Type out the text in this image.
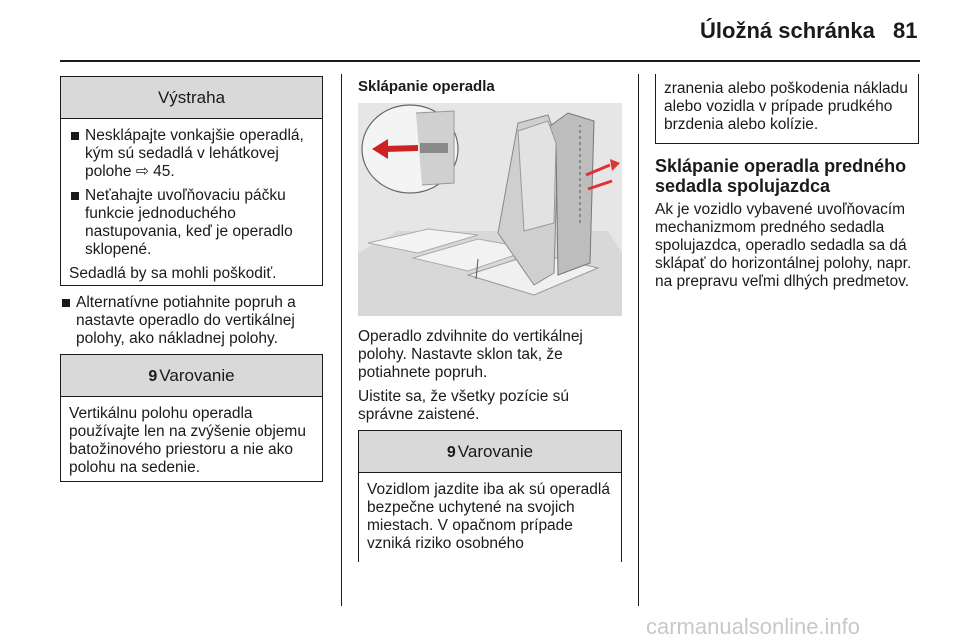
Úložná schránka 81
Výstraha
Nesklápajte vonkajšie operadlá, kým sú sedadlá v lehátkovej polohe ⇨ 45.
Neťahajte uvoľňovaciu páčku funkcie jednoduchého nastupovania, keď je operadlo sklopené.

Sedadlá by sa mohli poškodiť.

Alternatívne potiahnite popruh a nastavte operadlo do vertikálnej polohy, ako nákladnej polohy.
9 Varovanie

Vertikálnu polohu operadla používajte len na zvýšenie objemu batožinového priestoru a nie ako polohu na sedenie.

Sklápanie operadla

Operadlo zdvihnite do vertikálnej polohy. Nastavte sklon tak, že potiahnete popruh.

Uistite sa, že všetky pozície sú správne zaistené.

9 Varovanie

Vozidlom jazdite iba ak sú operadlá bezpečne uchytené na svojich miestach. V opačnom prípade vzniká riziko osobného

zranenia alebo poškodenia nákladu alebo vozidla v prípade prudkého brzdenia alebo kolízie.

Sklápanie operadla predného sedadla spolujazdca

Ak je vozidlo vybavené uvoľňovacím mechanizmom predného sedadla spolujazdca, operadlo sedadla sa dá sklápať do horizontálnej polohy, napr. na prepravu veľmi dlhých predmetov.

carmanualsonline.info
